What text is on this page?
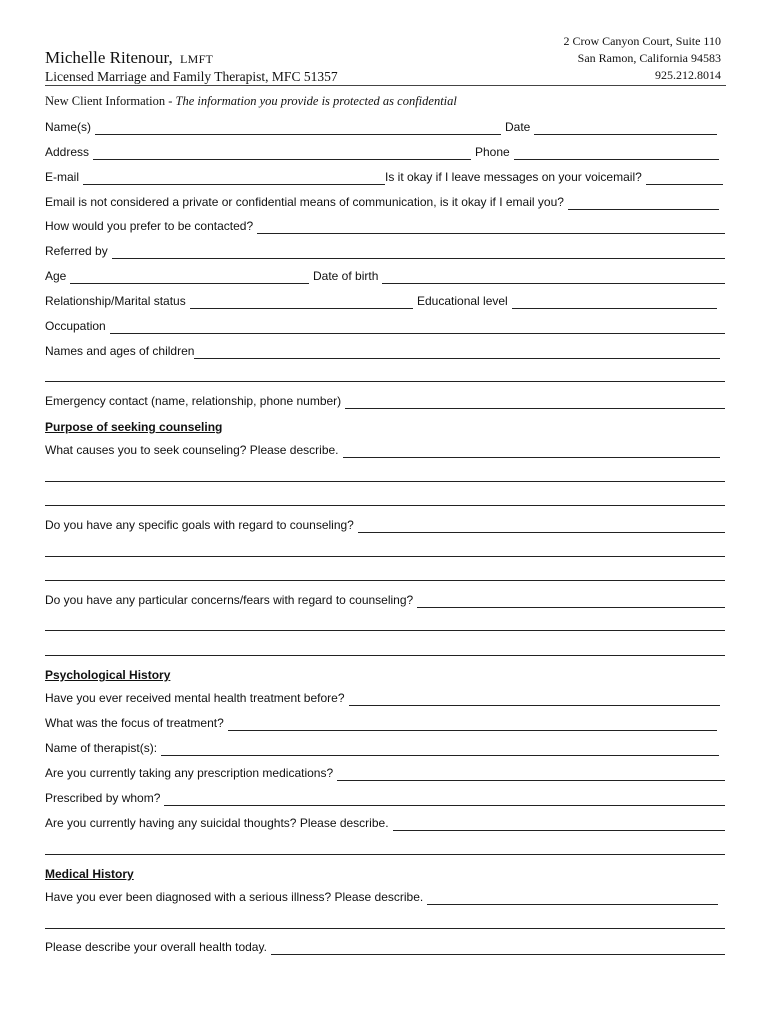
Michelle Ritenour, LMFT
Licensed Marriage and Family Therapist, MFC 51357
2 Crow Canyon Court, Suite 110
San Ramon, California 94583
925.212.8014
New Client Information - The information you provide is protected as confidential
Name(s)	Date
Address	Phone
E-mail	Is it okay if I leave messages on your voicemail?
Email is not considered a private or confidential means of communication, is it okay if I email you?
How would you prefer to be contacted?
Referred by
Age	Date of birth
Relationship/Marital status	Educational level
Occupation
Names and ages of children
Emergency contact (name, relationship, phone number)
Purpose of seeking counseling
What causes you to seek counseling? Please describe.
Do you have any specific goals with regard to counseling?
Do you have any particular concerns/fears with regard to counseling?
Psychological History
Have you ever received mental health treatment before?
What was the focus of treatment?
Name of therapist(s):
Are you currently taking any prescription medications?
Prescribed by whom?
Are you currently having any suicidal thoughts? Please describe.
Medical History
Have you ever been diagnosed with a serious illness? Please describe.
Please describe your overall health today.
